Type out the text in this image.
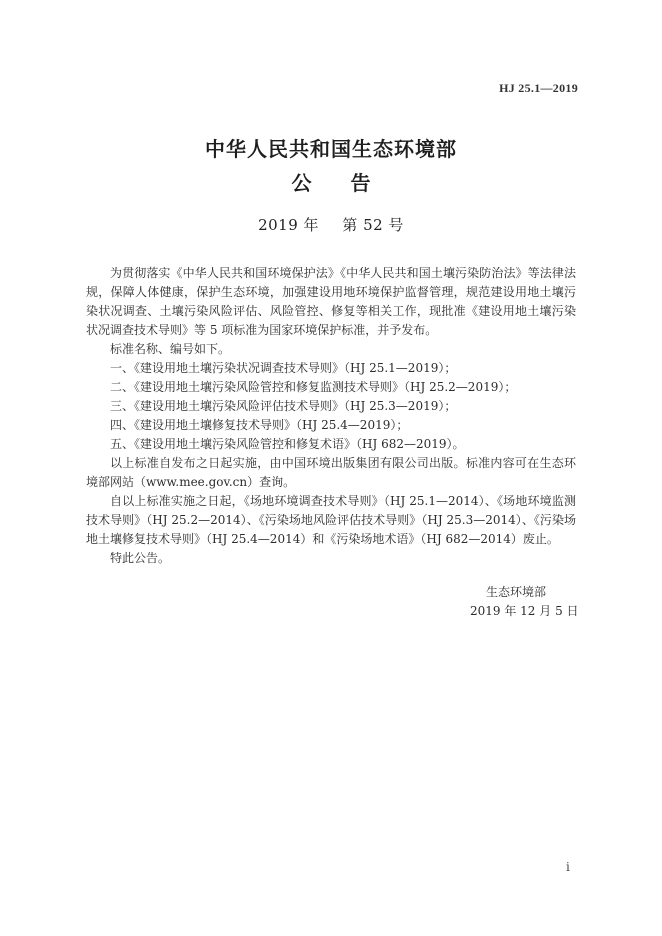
HJ 25.1—2019
中华人民共和国生态环境部
公 告
2019 年 第 52 号

为贯彻落实《中华人民共和国环境保护法》《中华人民共和国土壤污染防治法》等法律法规，保障人体健康，保护生态环境，加强建设用地环境保护监督管理，规范建设用地土壤污染状况调查、土壤污染风险评估、风险管控、修复等相关工作，现批准《建设用地土壤污染状况调查技术导则》等 5 项标准为国家环境保护标准，并予发布。

标准名称、编号如下。

一、《建设用地土壤污染状况调查技术导则》（HJ 25.1—2019）；

二、《建设用地土壤污染风险管控和修复监测技术导则》（HJ 25.2—2019）；

三、《建设用地土壤污染风险评估技术导则》（HJ 25.3—2019）；

四、《建设用地土壤修复技术导则》（HJ 25.4—2019）；

五、《建设用地土壤污染风险管控和修复术语》（HJ 682—2019）。

以上标准自发布之日起实施，由中国环境出版集团有限公司出版。标准内容可在生态环境部网站（www.mee.gov.cn）查询。

自以上标准实施之日起，《场地环境调查技术导则》（HJ 25.1—2014）、《场地环境监测技术导则》（HJ 25.2—2014）、《污染场地风险评估技术导则》（HJ 25.3—2014）、《污染场地土壤修复技术导则》（HJ 25.4—2014）和《污染场地术语》（HJ 682—2014）废止。

特此公告。

生态环境部
2019 年 12 月 5 日
i
